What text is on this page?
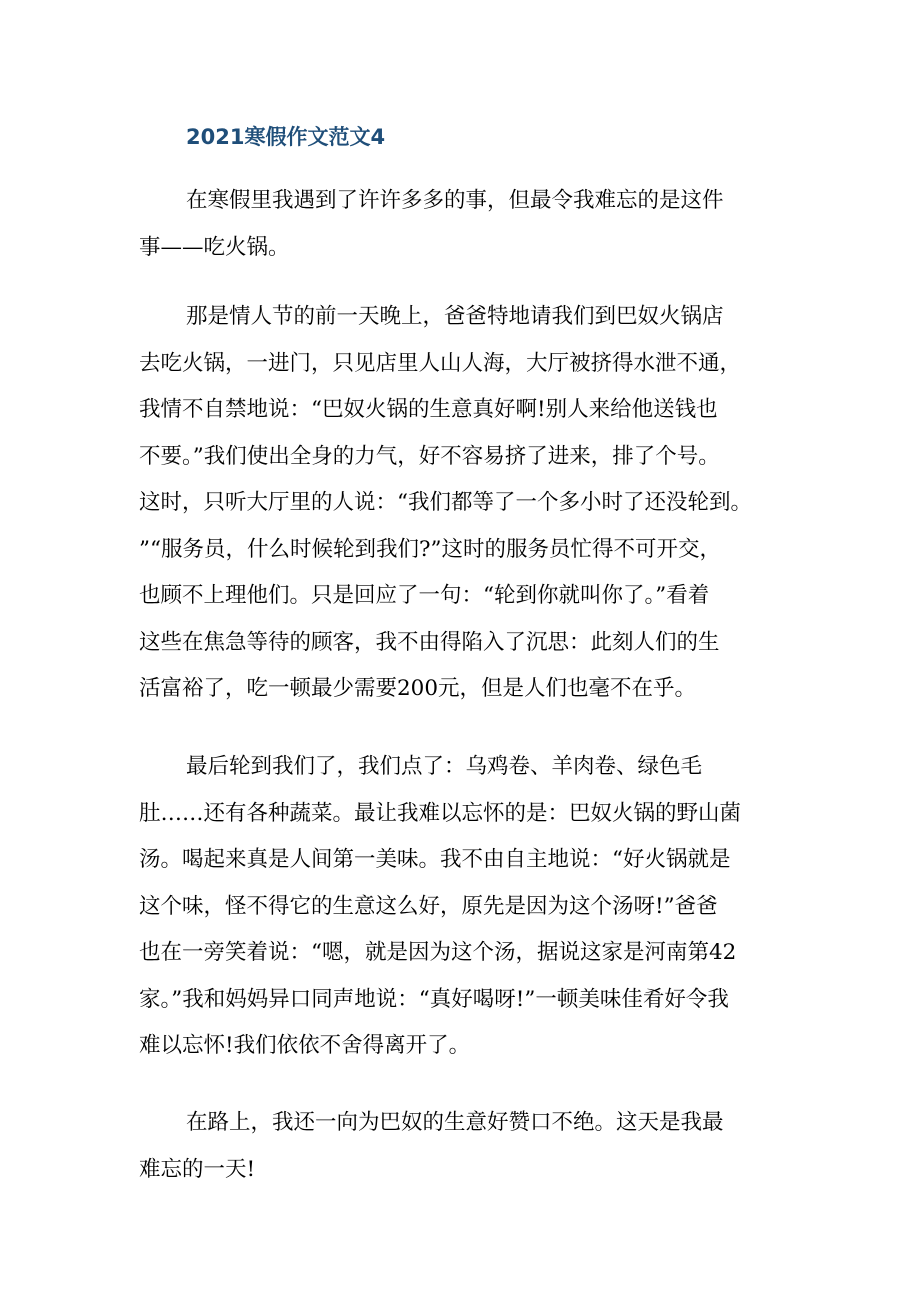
2021寒假作文范文4
在寒假里我遇到了许许多多的事，但最令我难忘的是这件
事——吃火锅。
那是情人节的前一天晚上，爸爸特地请我们到巴奴火锅店
去吃火锅，一进门，只见店里人山人海，大厅被挤得水泄不通，
我情不自禁地说：“巴奴火锅的生意真好啊!别人来给他送钱也
不要。”我们使出全身的力气，好不容易挤了进来，排了个号。
这时，只听大厅里的人说：“我们都等了一个多小时了还没轮到。
”“服务员，什么时候轮到我们?”这时的服务员忙得不可开交，
也顾不上理他们。只是回应了一句：“轮到你就叫你了。”看着
这些在焦急等待的顾客，我不由得陷入了沉思：此刻人们的生
活富裕了，吃一顿最少需要200元，但是人们也毫不在乎。
最后轮到我们了，我们点了：乌鸡卷、羊肉卷、绿色毛
肚……还有各种蔬菜。最让我难以忘怀的是：巴奴火锅的野山菌
汤。喝起来真是人间第一美味。我不由自主地说：“好火锅就是
这个味，怪不得它的生意这么好，原先是因为这个汤呀!”爸爸
也在一旁笑着说：“嗯，就是因为这个汤，据说这家是河南第42
家。”我和妈妈异口同声地说：“真好喝呀!”一顿美味佳肴好令我
难以忘怀!我们依依不舍得离开了。
在路上，我还一向为巴奴的生意好赞口不绝。这天是我最
难忘的一天!
